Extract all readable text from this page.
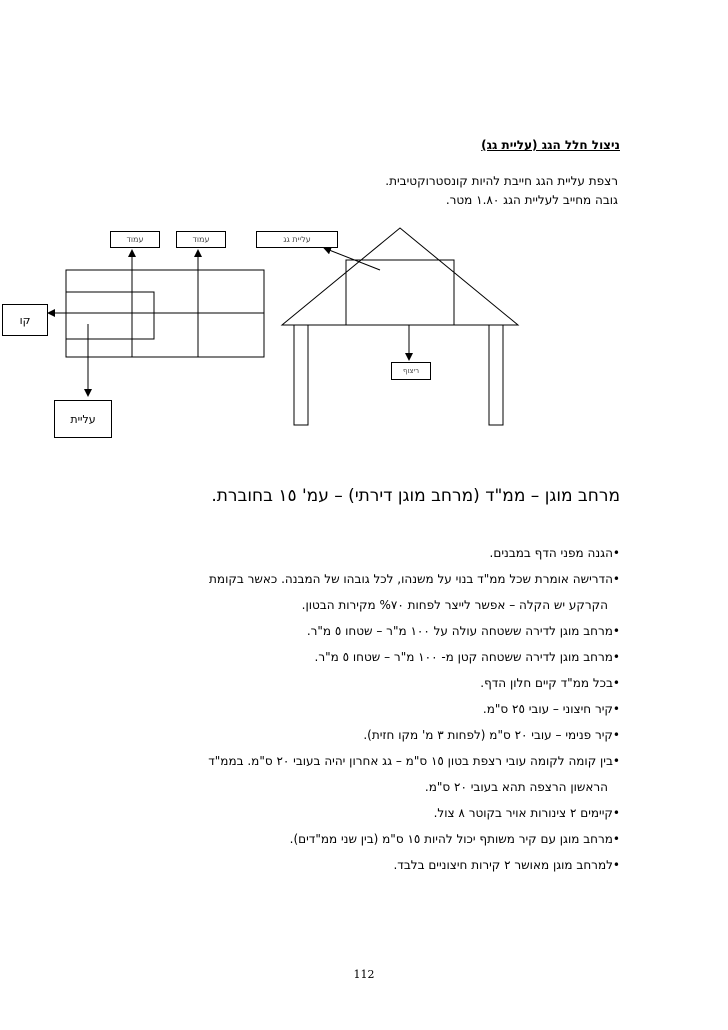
ניצול חלל הגג (עליית גג)
רצפת עליית הגג חייבת להיות קונסטרוקטיבית.
גובה מחייב לעליית הגג ١.٨٠ מטר.
עמוד	עמוד	עליית גג
קו
עליית
ריצוף
מרחב מוגן – ממ"ד (מרחב מוגן דירתי) – עמ' ١٥ בחוברת.
•הגנה מפני הדף במבנים.
•הדרישה אומרת שכל ממ"ד בנוי על משנהו, לכל גובהו של המבנה. כאשר בקומת
הקרקע יש הקלה – אפשר לייצר לפחות ٧٠% מקירות הבטון.
•מרחב מוגן לדירה ששטחה עולה על ١٠٠ מ"ר – שטחו ٥ מ"ר.
•מרחב מוגן לדירה ששטחה קטן מ- ١٠٠ מ"ר – שטחו ٥ מ"ר.
•בכל ממ"ד קיים חלון הדף.
•קיר חיצוני – עובי ٢٥ ס"מ.
•קיר פנימי – עובי ٢٠ ס"מ (לפחות ٣ מ' מקו חזית).
•בין קומה לקומה עובי רצפת בטון ١٥ ס"מ – גג אחרון יהיה בעובי ٢٠ ס"מ. בממ"ד
הראשון הרצפה תהא בעובי ٢٠ ס"מ.
•קיימים ٢ צינורות אויר בקוטר ٨ צול.
•מרחב מוגן עם קיר משותף יכול להיות ١٥ ס"מ (בין שני ממ"דים).
•למרחב מוגן מאושר ٢ קירות חיצוניים בלבד.
112
